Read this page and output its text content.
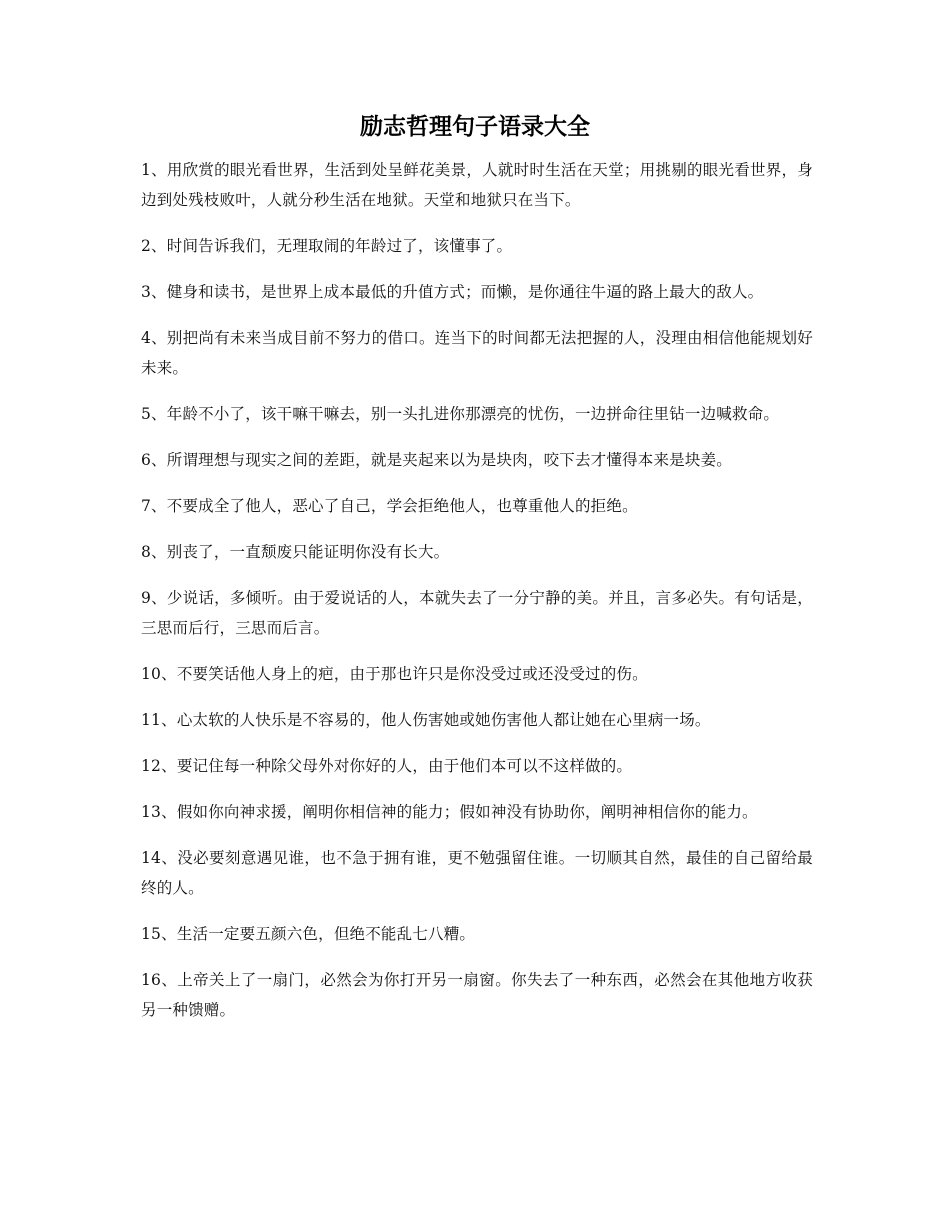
励志哲理句子语录大全

1、用欣赏的眼光看世界，生活到处呈鲜花美景，人就时时生活在天堂；用挑剔的眼光看世界，身边到处残枝败叶，人就分秒生活在地狱。天堂和地狱只在当下。

2、时间告诉我们，无理取闹的年龄过了，该懂事了。

3、健身和读书，是世界上成本最低的升值方式；而懒，是你通往牛逼的路上最大的敌人。

4、别把尚有未来当成目前不努力的借口。连当下的时间都无法把握的人，没理由相信他能规划好未来。

5、年龄不小了，该干嘛干嘛去，别一头扎进你那漂亮的忧伤，一边拼命往里钻一边喊救命。

6、所谓理想与现实之间的差距，就是夹起来以为是块肉，咬下去才懂得本来是块姜。

7、不要成全了他人，恶心了自己，学会拒绝他人，也尊重他人的拒绝。

8、别丧了，一直颓废只能证明你没有长大。

9、少说话，多倾听。由于爱说话的人，本就失去了一分宁静的美。并且，言多必失。有句话是，三思而后行，三思而后言。

10、不要笑话他人身上的疤，由于那也许只是你没受过或还没受过的伤。

11、心太软的人快乐是不容易的，他人伤害她或她伤害他人都让她在心里病一场。

12、要记住每一种除父母外对你好的人，由于他们本可以不这样做的。

13、假如你向神求援，阐明你相信神的能力；假如神没有协助你，阐明神相信你的能力。

14、没必要刻意遇见谁，也不急于拥有谁，更不勉强留住谁。一切顺其自然，最佳的自己留给最终的人。

15、生活一定要五颜六色，但绝不能乱七八糟。

16、上帝关上了一扇门，必然会为你打开另一扇窗。你失去了一种东西，必然会在其他地方收获另一种馈赠。
